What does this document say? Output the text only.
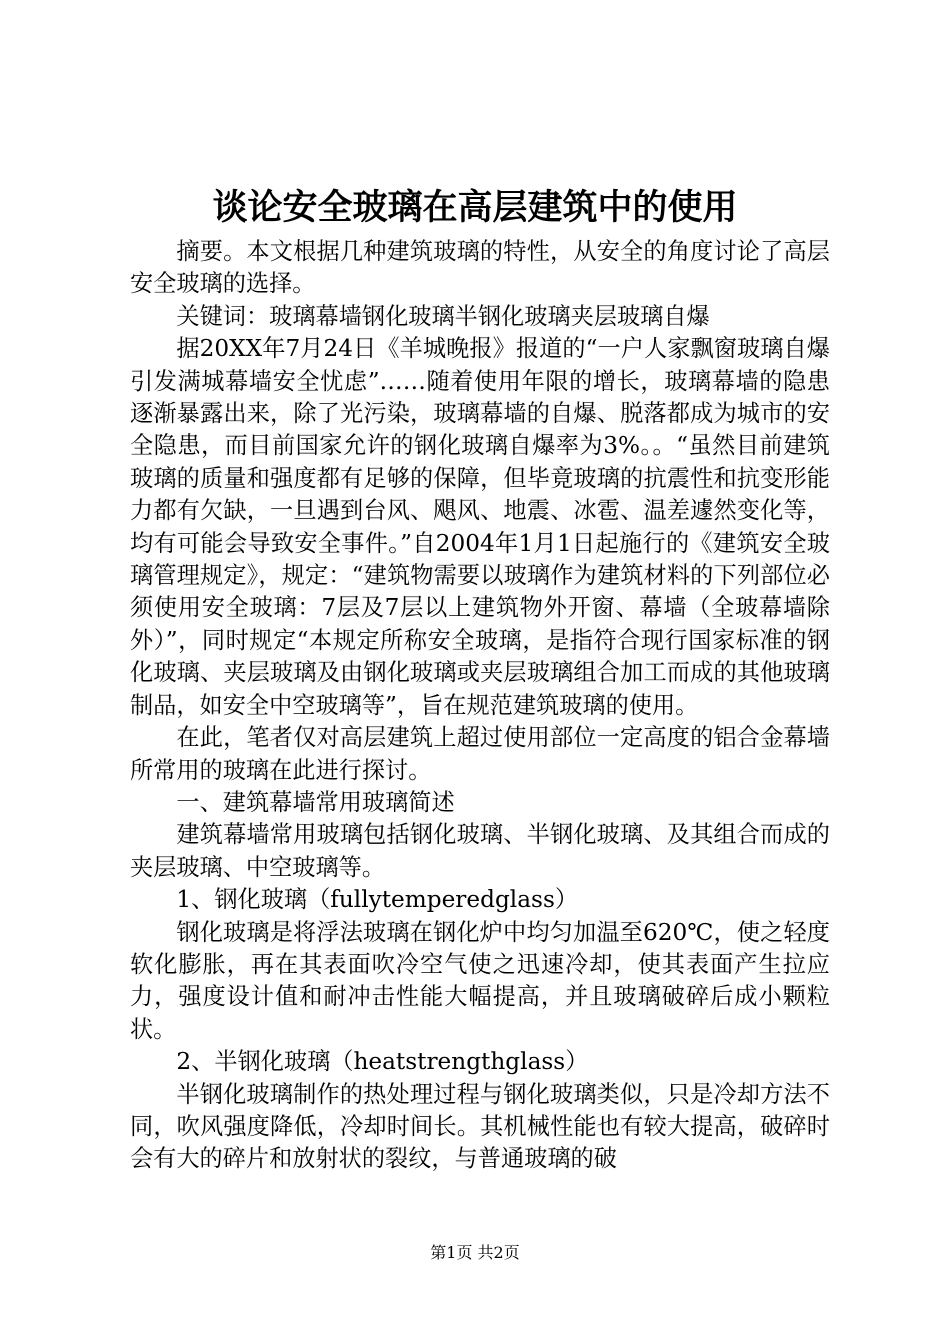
谈论安全玻璃在高层建筑中的使用

摘要。本文根据几种建筑玻璃的特性，从安全的角度讨论了高层安全玻璃的选择。

关键词：玻璃幕墙钢化玻璃半钢化玻璃夹层玻璃自爆

据20XX年7月24日《羊城晚报》报道的“一户人家飘窗玻璃自爆引发满城幕墙安全忧虑”……随着使用年限的增长，玻璃幕墙的隐患逐渐暴露出来，除了光污染，玻璃幕墙的自爆、脱落都成为城市的安全隐患，而目前国家允许的钢化玻璃自爆率为3%。。“虽然目前建筑玻璃的质量和强度都有足够的保障，但毕竟玻璃的抗震性和抗变形能力都有欠缺，一旦遇到台风、飓风、地震、冰雹、温差遽然变化等，均有可能会导致安全事件。”自2004年1月1日起施行的《建筑安全玻璃管理规定》，规定：“建筑物需要以玻璃作为建筑材料的下列部位必须使用安全玻璃：7层及7层以上建筑物外开窗、幕墙（全玻幕墙除外）”，同时规定“本规定所称安全玻璃，是指符合现行国家标准的钢化玻璃、夹层玻璃及由钢化玻璃或夹层玻璃组合加工而成的其他玻璃制品，如安全中空玻璃等”，旨在规范建筑玻璃的使用。

在此，笔者仅对高层建筑上超过使用部位一定高度的铝合金幕墙所常用的玻璃在此进行探讨。

一、建筑幕墙常用玻璃简述

建筑幕墙常用玻璃包括钢化玻璃、半钢化玻璃、及其组合而成的夹层玻璃、中空玻璃等。

1、钢化玻璃（fullytemperedglass）

钢化玻璃是将浮法玻璃在钢化炉中均匀加温至620℃，使之轻度软化膨胀，再在其表面吹冷空气使之迅速冷却，使其表面产生拉应力，强度设计值和耐冲击性能大幅提高，并且玻璃破碎后成小颗粒状。

2、半钢化玻璃（heatstrengthglass）

半钢化玻璃制作的热处理过程与钢化玻璃类似，只是冷却方法不同，吹风强度降低，冷却时间长。其机械性能也有较大提高，破碎时会有大的碎片和放射状的裂纹，与普通玻璃的破

第1页 共2页
